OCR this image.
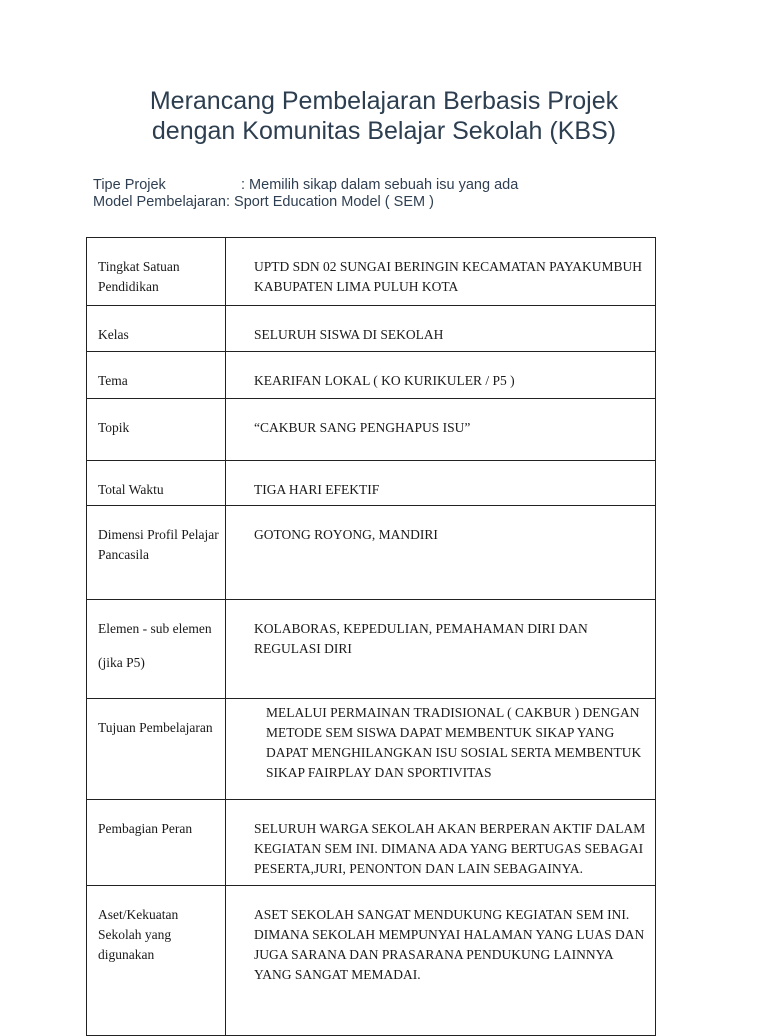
Merancang Pembelajaran Berbasis Projek
dengan Komunitas Belajar Sekolah (KBS)
Tipe Projek	: Memilih sikap dalam sebuah isu yang ada
Model Pembelajaran : Sport Education Model ( SEM )
Tingkat Satuan Pendidikan	UPTD SDN 02 SUNGAI BERINGIN KECAMATAN PAYAKUMBUH KABUPATEN LIMA PULUH KOTA
Kelas	SELURUH SISWA DI SEKOLAH
Tema	KEARIFAN LOKAL ( KO KURIKULER / P5 )
Topik	“CAKBUR SANG PENGHAPUS ISU”
Total Waktu	TIGA HARI EFEKTIF
Dimensi Profil Pelajar Pancasila	GOTONG ROYONG, MANDIRI

Elemen - sub elemen
(jika P5)	KOLABORAS, KEPEDULIAN, PEMAHAMAN DIRI DAN REGULASI DIRI
Tujuan Pembelajaran	MELALUI PERMAINAN TRADISIONAL ( CAKBUR ) DENGAN METODE SEM SISWA DAPAT MEMBENTUK SIKAP YANG DAPAT MENGHILANGKAN ISU SOSIAL SERTA MEMBENTUK SIKAP FAIRPLAY DAN SPORTIVITAS
Pembagian Peran	SELURUH WARGA SEKOLAH AKAN BERPERAN AKTIF DALAM KEGIATAN SEM INI. DIMANA ADA YANG BERTUGAS SEBAGAI PESERTA,JURI, PENONTON DAN LAIN SEBAGAINYA.
Aset/Kekuatan Sekolah yang digunakan	ASET SEKOLAH SANGAT MENDUKUNG KEGIATAN SEM INI. DIMANA SEKOLAH MEMPUNYAI HALAMAN YANG LUAS DAN JUGA SARANA DAN PRASARANA PENDUKUNG LAINNYA YANG SANGAT MEMADAI.
